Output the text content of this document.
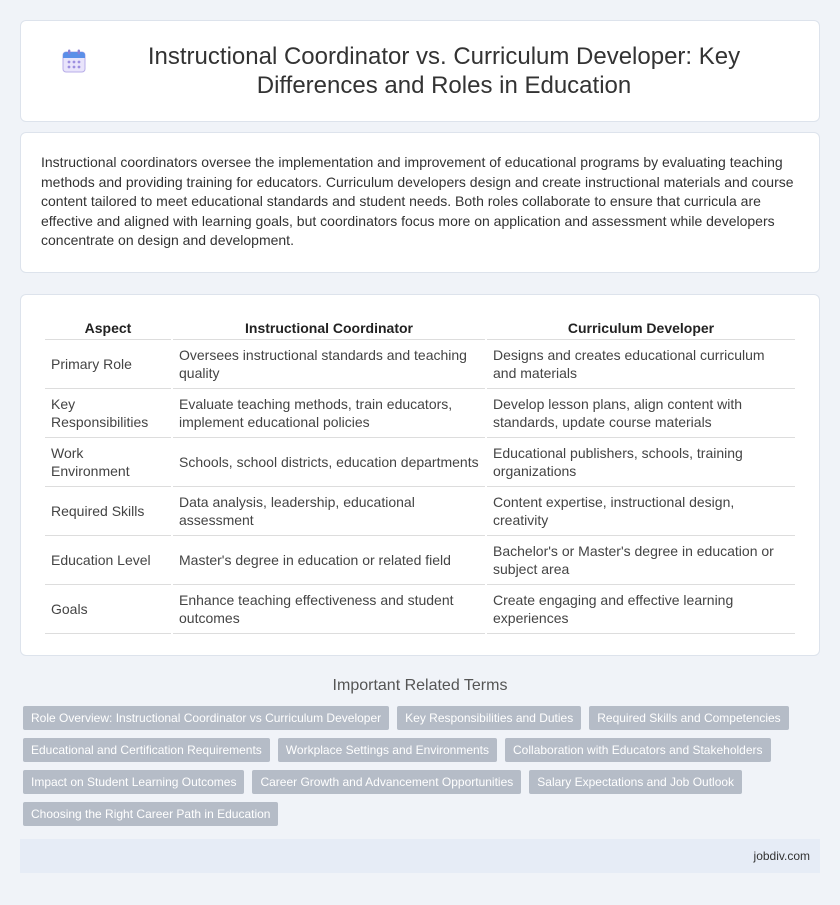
Instructional Coordinator vs. Curriculum Developer: Key Differences and Roles in Education

Instructional coordinators oversee the implementation and improvement of educational programs by evaluating teaching methods and providing training for educators. Curriculum developers design and create instructional materials and course content tailored to meet educational standards and student needs. Both roles collaborate to ensure that curricula are effective and aligned with learning goals, but coordinators focus more on application and assessment while developers concentrate on design and development.

Aspect	Instructional Coordinator	Curriculum Developer
Primary Role	Oversees instructional standards and teaching quality	Designs and creates educational curriculum and materials
Key Responsibilities	Evaluate teaching methods, train educators, implement educational policies	Develop lesson plans, align content with standards, update course materials
Work Environment	Schools, school districts, education departments	Educational publishers, schools, training organizations
Required Skills	Data analysis, leadership, educational assessment	Content expertise, instructional design, creativity
Education Level	Master's degree in education or related field	Bachelor's or Master's degree in education or subject area
Goals	Enhance teaching effectiveness and student outcomes	Create engaging and effective learning experiences
Important Related Terms
Role Overview: Instructional Coordinator vs Curriculum Developer	Key Responsibilities and Duties	Required Skills and Competencies
Educational and Certification Requirements	Workplace Settings and Environments	Collaboration with Educators and Stakeholders
Impact on Student Learning Outcomes	Career Growth and Advancement Opportunities	Salary Expectations and Job Outlook
Choosing the Right Career Path in Education
jobdiv.com
